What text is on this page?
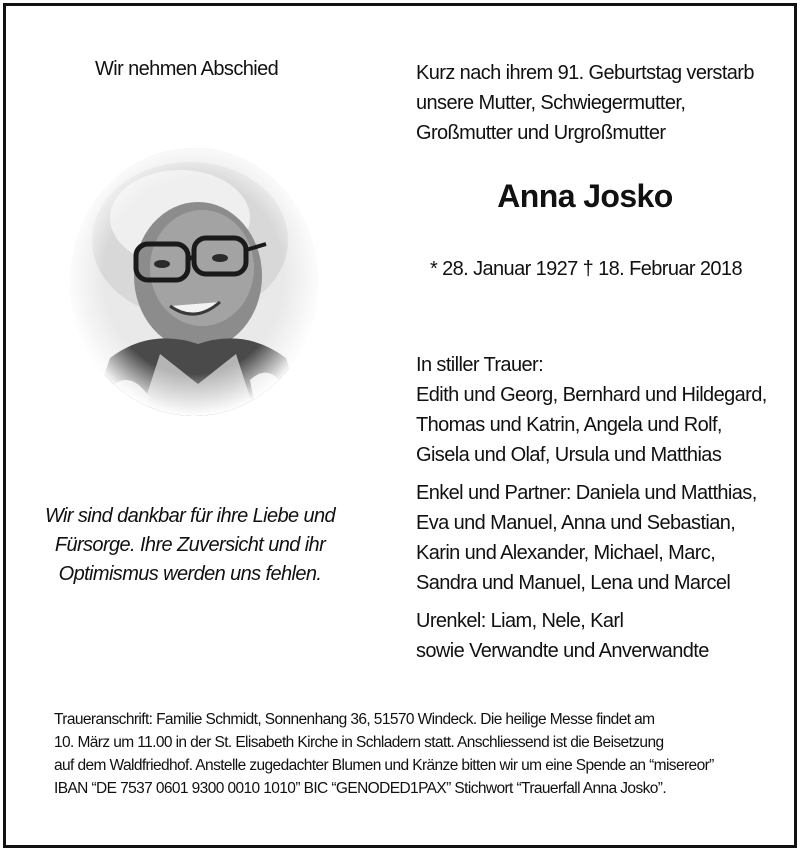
Wir nehmen Abschied
Wir sind dankbar für ihre Liebe und
Fürsorge. Ihre Zuversicht und ihr
Optimismus werden uns fehlen.
Kurz nach ihrem 91. Geburtstag verstarb
unsere Mutter, Schwiegermutter,
Großmutter und Urgroßmutter
Anna Josko
* 28. Januar 1927 † 18. Februar 2018
In stiller Trauer:
Edith und Georg, Bernhard und Hildegard,
Thomas und Katrin, Angela und Rolf,
Gisela und Olaf, Ursula und Matthias
Enkel und Partner: Daniela und Matthias,
Eva und Manuel, Anna und Sebastian,
Karin und Alexander, Michael, Marc,
Sandra und Manuel, Lena und Marcel
Urenkel: Liam, Nele, Karl
sowie Verwandte und Anverwandte
Traueranschrift: Familie Schmidt, Sonnenhang 36, 51570 Windeck. Die heilige Messe findet am
10. März um 11.00 in der St. Elisabeth Kirche in Schladern statt. Anschliessend ist die Beisetzung
auf dem Waldfriedhof. Anstelle zugedachter Blumen und Kränze bitten wir um eine Spende an “misereor”
IBAN “DE 7537 0601 9300 0010 1010” BIC “GENODED1PAX” Stichwort “Trauerfall Anna Josko”.
